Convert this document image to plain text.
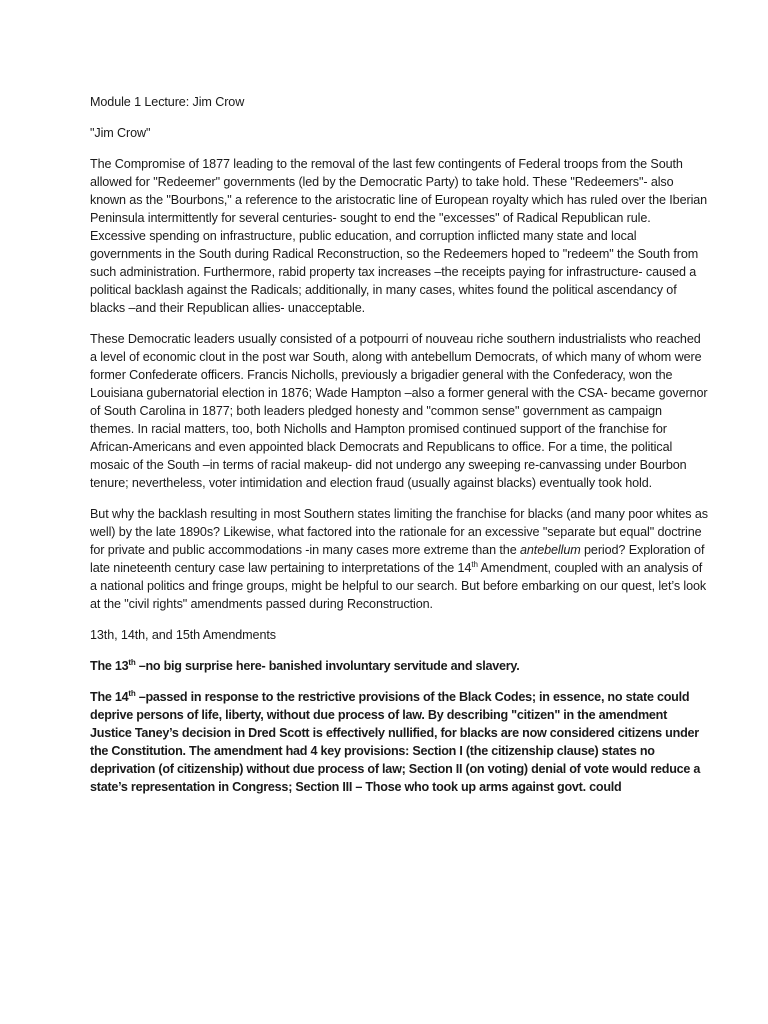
Module 1 Lecture: Jim Crow

"Jim Crow"

The Compromise of 1877 leading to the removal of the last few contingents of Federal troops from the South allowed for "Redeemer" governments (led by the Democratic Party) to take hold. These "Redeemers"- also known as the "Bourbons," a reference to the aristocratic line of European royalty which has ruled over the Iberian Peninsula intermittently for several centuries- sought to end the "excesses" of Radical Republican rule. Excessive spending on infrastructure, public education, and corruption inflicted many state and local governments in the South during Radical Reconstruction, so the Redeemers hoped to "redeem" the South from such administration. Furthermore, rabid property tax increases –the receipts paying for infrastructure- caused a political backlash against the Radicals; additionally, in many cases, whites found the political ascendancy of blacks –and their Republican allies- unacceptable.

These Democratic leaders usually consisted of a potpourri of nouveau riche southern industrialists who reached a level of economic clout in the post war South, along with antebellum Democrats, of which many of whom were former Confederate officers. Francis Nicholls, previously a brigadier general with the Confederacy, won the Louisiana gubernatorial election in 1876; Wade Hampton –also a former general with the CSA- became governor of South Carolina in 1877; both leaders pledged honesty and "common sense" government as campaign themes. In racial matters, too, both Nicholls and Hampton promised continued support of the franchise for African-Americans and even appointed black Democrats and Republicans to office. For a time, the political mosaic of the South –in terms of racial makeup- did not undergo any sweeping re-canvassing under Bourbon tenure; nevertheless, voter intimidation and election fraud (usually against blacks) eventually took hold.

But why the backlash resulting in most Southern states limiting the franchise for blacks (and many poor whites as well) by the late 1890s? Likewise, what factored into the rationale for an excessive "separate but equal" doctrine for private and public accommodations -in many cases more extreme than the antebellum period? Exploration of late nineteenth century case law pertaining to interpretations of the 14th Amendment, coupled with an analysis of a national politics and fringe groups, might be helpful to our search. But before embarking on our quest, let’s look at the "civil rights" amendments passed during Reconstruction.

13th, 14th, and 15th Amendments

The 13th –no big surprise here- banished involuntary servitude and slavery.

The 14th –passed in response to the restrictive provisions of the Black Codes; in essence, no state could deprive persons of life, liberty, without due process of law. By describing "citizen" in the amendment Justice Taney’s decision in Dred Scott is effectively nullified, for blacks are now considered citizens under the Constitution. The amendment had 4 key provisions: Section I (the citizenship clause) states no deprivation (of citizenship) without due process of law; Section II (on voting) denial of vote would reduce a state’s representation in Congress; Section III – Those who took up arms against govt. could
